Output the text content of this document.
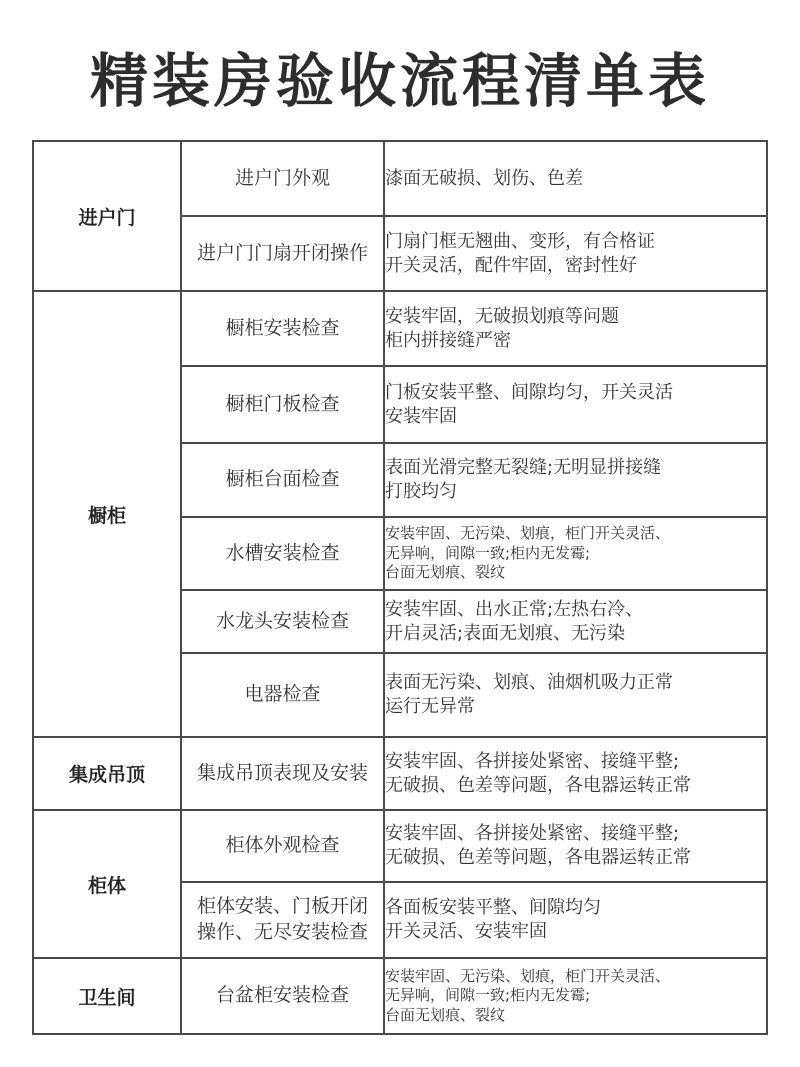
精装房验收流程清单表
进户门	进户门外观	漆面无破损、划伤、色差

	进户门门扇开闭操作	门扇门框无翘曲、变形，有合格证
开关灵活，配件牢固，密封性好

橱柜	橱柜安装检查	安装牢固，无破损划痕等问题
柜内拼接缝严密

	橱柜门板检查	门板安装平整、间隙均匀，开关灵活
安装牢固

	橱柜台面检查	表面光滑完整无裂缝;无明显拼接缝
打胶均匀

	水槽安装检查	安装牢固、无污染、划痕，柜门开关灵活、
无异响，间隙一致;柜内无发霉;
台面无划痕、裂纹

	水龙头安装检查	安装牢固、出水正常;左热右冷、
开启灵活;表面无划痕、无污染

	电器检查	表面无污染、划痕、油烟机吸力正常
运行无异常

集成吊顶	集成吊顶表现及安装	安装牢固、各拼接处紧密、接缝平整;
无破损、色差等问题，各电器运转正常

柜体	柜体外观检查	安装牢固、各拼接处紧密、接缝平整;
无破损、色差等问题，各电器运转正常

	柜体安装、门板开闭
操作、无尽安装检查	各面板安装平整、间隙均匀
开关灵活、安装牢固

卫生间	台盆柜安装检查	安装牢固、无污染、划痕，柜门开关灵活、
无异响，间隙一致;柜内无发霉;
台面无划痕、裂纹
